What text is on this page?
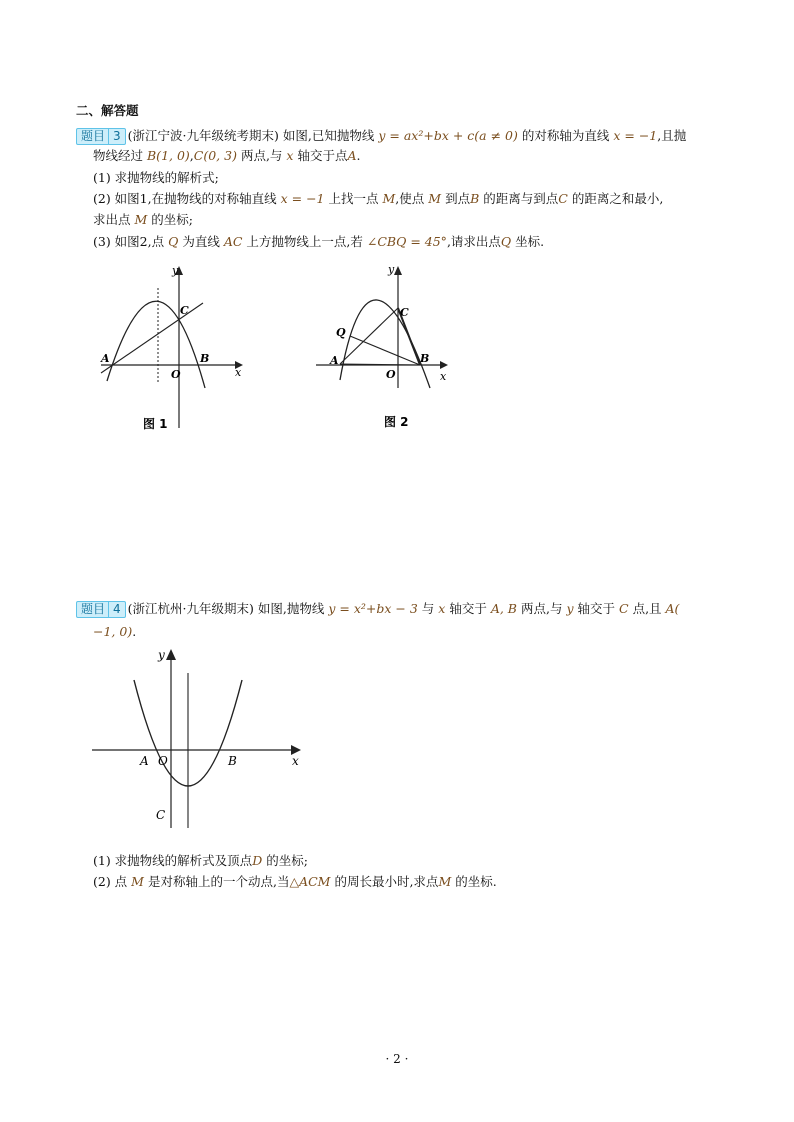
二、解答题
题目 3 (浙江宁波·九年级统考期末) 如图,已知抛物线 y = ax²+bx + c(a ≠ 0) 的对称轴为直线 x = −1,且抛
物线经过 B(1, 0),C(0, 3) 两点,与 x 轴交于点A.
(1) 求抛物线的解析式;
(2) 如图1,在抛物线的对称轴直线 x = −1 上找一点 M,使点 M 到点B 的距离与到点C 的距离之和最小,
求出点 M 的坐标;
(3) 如图2,点 Q 为直线 AC 上方抛物线上一点,若 ∠CBQ = 45°,请求出点Q 坐标.
y
C
A	B
O	x
图 1
y
C
Q
A	B
O	x
图 2
题目 4 (浙江杭州·九年级期末) 如图,抛物线 y = x²+bx − 3 与 x 轴交于 A, B 两点,与 y 轴交于 C 点,且 A(
−1, 0).
y
A O	B
C
x
(1) 求抛物线的解析式及顶点D 的坐标;
(2) 点 M 是对称轴上的一个动点,当△ACM 的周长最小时,求点M 的坐标.
· 2 ·
